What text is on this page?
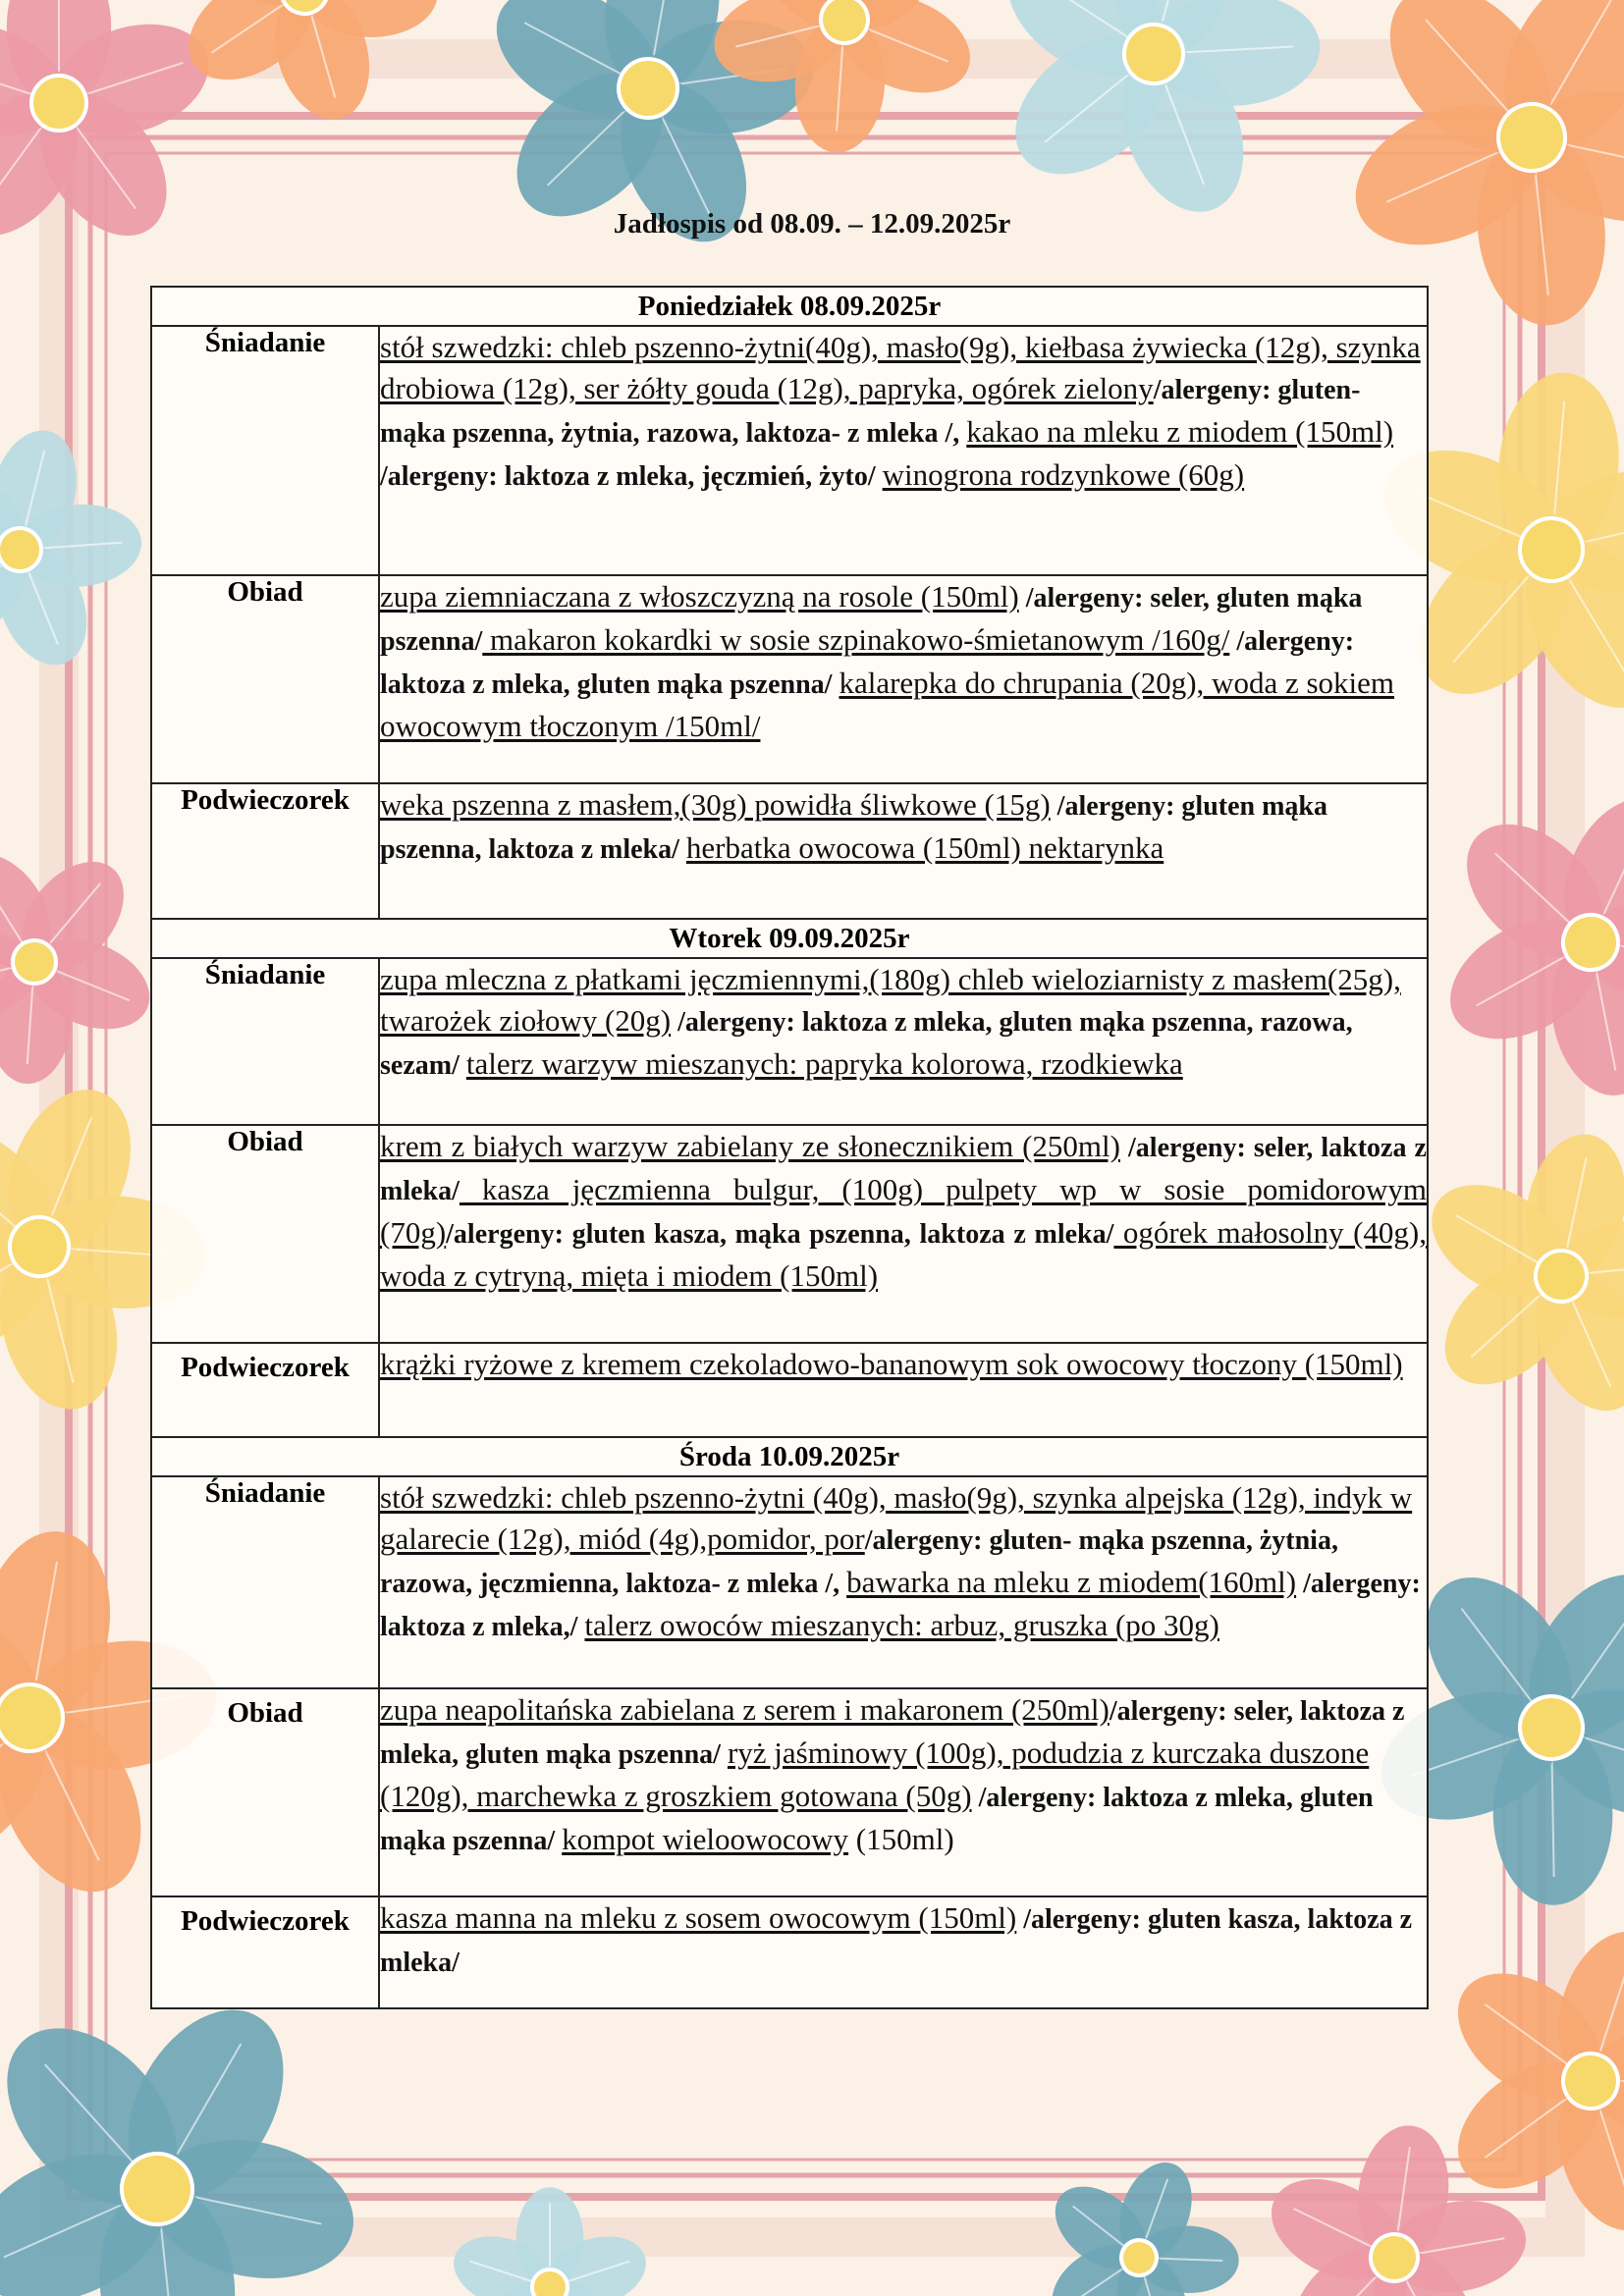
Jadłospis od 08.09. – 12.09.2025r
Poniedziałek 08.09.2025r	
Śniadanie	stół szwedzki: chleb pszenno-żytni(40g), masło(9g), kiełbasa żywiecka (12g), szynka drobiowa (12g), ser żółty gouda (12g), papryka, ogórek zielony/alergeny: gluten- mąka pszenna, żytnia, razowa, laktoza- z mleka /, kakao na mleku z miodem (150ml) /alergeny: laktoza z mleka, jęczmień, żyto/ winogrona rodzynkowe (60g)
Obiad	zupa ziemniaczana z włoszczyzną na rosole (150ml) /alergeny: seler, gluten mąka pszenna/ makaron kokardki w sosie szpinakowo-śmietanowym /160g/ /alergeny: laktoza z mleka, gluten mąka pszenna/ kalarepka do chrupania (20g), woda z sokiem owocowym tłoczonym /150ml/
Podwieczorek	weka pszenna z masłem,(30g) powidła śliwkowe (15g) /alergeny: gluten mąka pszenna, laktoza z mleka/ herbatka owocowa (150ml) nektarynka
Wtorek 09.09.2025r	
Śniadanie	zupa mleczna z płatkami jęczmiennymi,(180g) chleb wieloziarnisty z masłem(25g), twarożek ziołowy (20g) /alergeny: laktoza z mleka, gluten mąka pszenna, razowa, sezam/ talerz warzyw mieszanych: papryka kolorowa, rzodkiewka
Obiad	krem z białych warzyw zabielany ze słonecznikiem (250ml) /alergeny: seler, laktoza z mleka/ kasza jęczmienna bulgur, (100g) pulpety wp w sosie pomidorowym (70g)/alergeny: gluten kasza, mąka pszenna, laktoza z mleka/ ogórek małosolny (40g), woda z cytryną, mięta i miodem (150ml)
Podwieczorek	krążki ryżowe z kremem czekoladowo-bananowym sok owocowy tłoczony (150ml)
Środa 10.09.2025r	
Śniadanie	stół szwedzki: chleb pszenno-żytni (40g), masło(9g), szynka alpejska (12g), indyk w galarecie (12g), miód (4g),pomidor, por/alergeny: gluten- mąka pszenna, żytnia, razowa, jęczmienna, laktoza- z mleka /, bawarka na mleku z miodem(160ml) /alergeny: laktoza z mleka,/ talerz owoców mieszanych: arbuz, gruszka (po 30g)
Obiad	zupa neapolitańska zabielana z serem i makaronem (250ml)/alergeny: seler, laktoza z mleka, gluten mąka pszenna/ ryż jaśminowy (100g), podudzia z kurczaka duszone (120g), marchewka z groszkiem gotowana (50g) /alergeny: laktoza z mleka, gluten mąka pszenna/ kompot wieloowocowy (150ml)
Podwieczorek	kasza manna na mleku z sosem owocowym (150ml) /alergeny: gluten kasza, laktoza z mleka/
